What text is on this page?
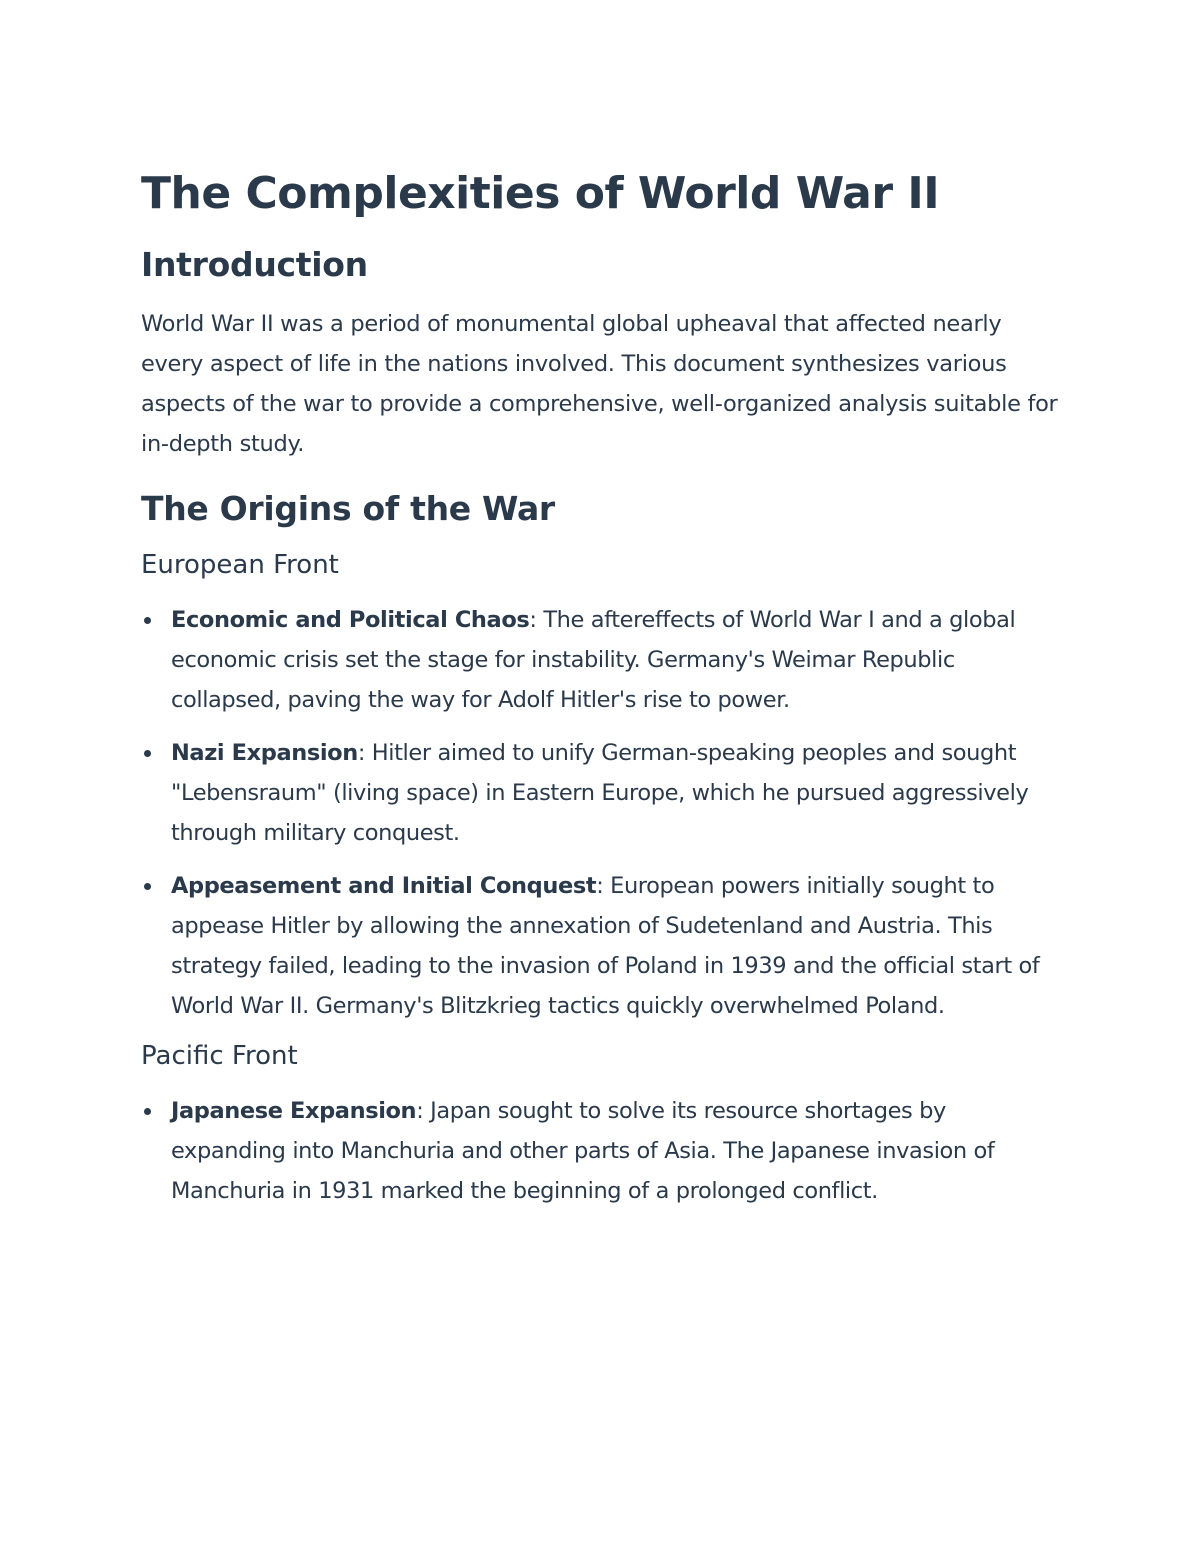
The Complexities of World War II
Introduction

World War II was a period of monumental global upheaval that affected nearly every aspect of life in the nations involved. This document synthesizes various aspects of the war to provide a comprehensive, well-organized analysis suitable for in-depth study.

The Origins of the War
European Front
Economic and Political Chaos: The aftereffects of World War I and a global economic crisis set the stage for instability. Germany's Weimar Republic collapsed, paving the way for Adolf Hitler's rise to power.
Nazi Expansion: Hitler aimed to unify German-speaking peoples and sought "Lebensraum" (living space) in Eastern Europe, which he pursued aggressively through military conquest.
Appeasement and Initial Conquest: European powers initially sought to appease Hitler by allowing the annexation of Sudetenland and Austria. This strategy failed, leading to the invasion of Poland in 1939 and the official start of World War II. Germany's Blitzkrieg tactics quickly overwhelmed Poland.
Pacific Front
Japanese Expansion: Japan sought to solve its resource shortages by expanding into Manchuria and other parts of Asia. The Japanese invasion of Manchuria in 1931 marked the beginning of a prolonged conflict.
